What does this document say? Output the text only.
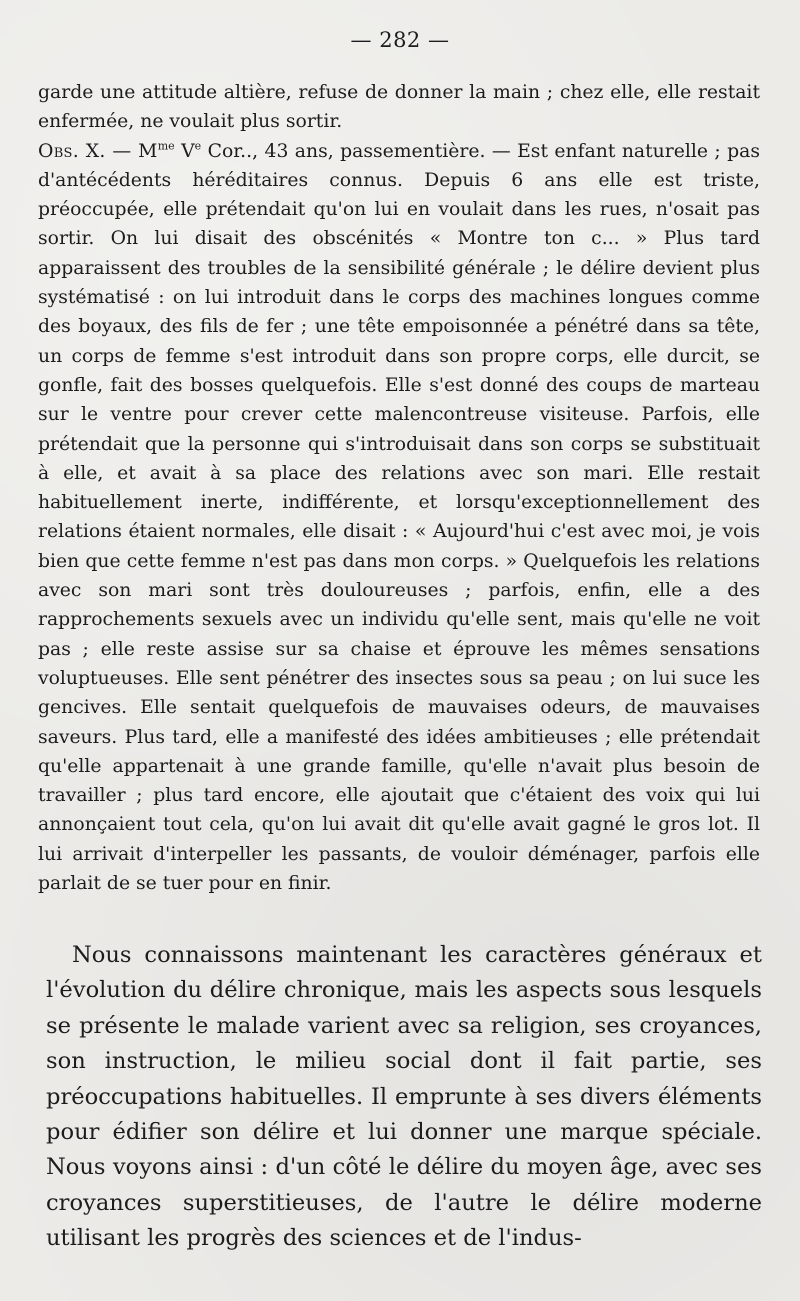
— 282 —

garde une attitude altière, refuse de donner la main ; chez elle, elle restait enfermée, ne voulait plus sortir.

Obs. X. — $M^{me}$ Ve Cor.., 43 ans, passementière. — Est enfant naturelle ; pas d'antécédents héréditaires connus. Depuis 6 ans elle est triste, préoccupée, elle prétendait qu'on lui en voulait dans les rues, n'osait pas sortir. On lui disait des obscénités « Montre ton c... » Plus tard apparaissent des troubles de la sensibilité générale ; le délire devient plus systématisé : on lui introduit dans le corps des machines longues comme des boyaux, des fils de fer ; une tête empoisonnée a pénétré dans sa tête, un corps de femme s'est introduit dans son propre corps, elle durcit, se gonfle, fait des bosses quelquefois. Elle s'est donné des coups de marteau sur le ventre pour crever cette malencontreuse visiteuse. Parfois, elle prétendait que la personne qui s'introduisait dans son corps se substituait à elle, et avait à sa place des relations avec son mari. Elle restait habituellement inerte, indifférente, et lorsqu'exceptionnellement des relations étaient normales, elle disait : « Aujourd'hui c'est avec moi, je vois bien que cette femme n'est pas dans mon corps. » Quelquefois les relations avec son mari sont très douloureuses ; parfois, enfin, elle a des rapprochements sexuels avec un individu qu'elle sent, mais qu'elle ne voit pas ; elle reste assise sur sa chaise et éprouve les mêmes sensations voluptueuses. Elle sent pénétrer des insectes sous sa peau ; on lui suce les gencives. Elle sentait quelquefois de mauvaises odeurs, de mauvaises saveurs. Plus tard, elle a manifesté des idées ambitieuses ; elle prétendait qu'elle appartenait à une grande famille, qu'elle n'avait plus besoin de travailler ; plus tard encore, elle ajoutait que c'étaient des voix qui lui annonçaient tout cela, qu'on lui avait dit qu'elle avait gagné le gros lot. Il lui arrivait d'interpeller les passants, de vouloir déménager, parfois elle parlait de se tuer pour en finir.

Nous connaissons maintenant les caractères généraux et l'évolution du délire chronique, mais les aspects sous lesquels se présente le malade varient avec sa religion, ses croyances, son instruction, le milieu social dont il fait partie, ses préoccupations habituelles. Il emprunte à ses divers éléments pour édifier son délire et lui donner une marque spéciale. Nous voyons ainsi : d'un côté le délire du moyen âge, avec ses croyances superstitieuses, de l'autre le délire moderne utilisant les progrès des sciences et de l'indus-
